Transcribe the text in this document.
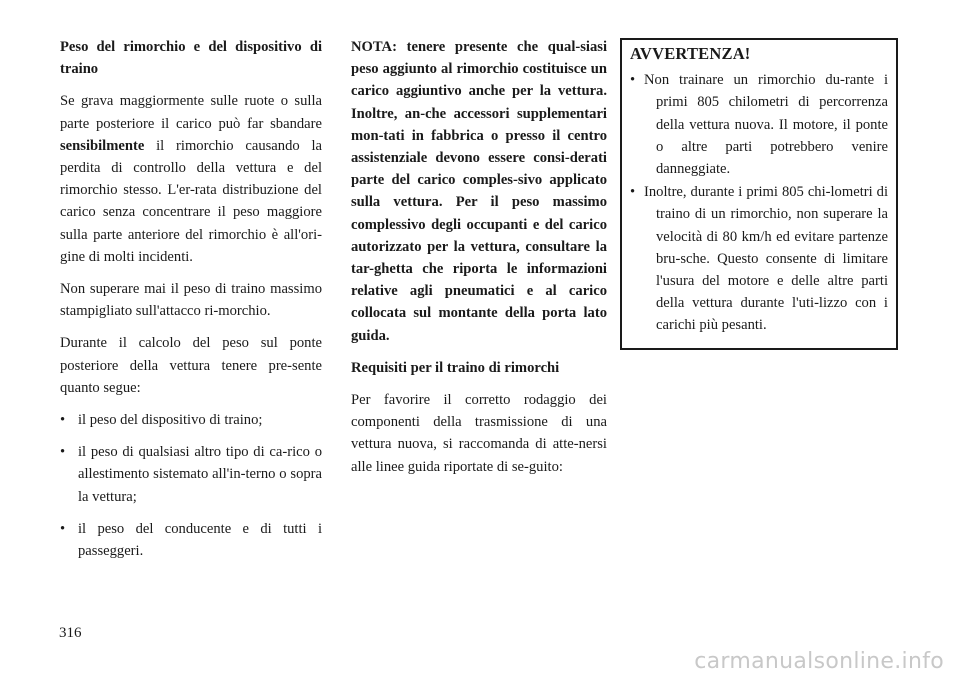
Peso del rimorchio e del dispositivo di traino

Se grava maggiormente sulle ruote o sulla parte posteriore il carico può far sbandare sensibilmente il rimorchio causando la perdita di controllo della vettura e del rimorchio stesso. L'er-rata distribuzione del carico senza concentrare il peso maggiore sulla parte anteriore del rimorchio è all'ori-gine di molti incidenti.

Non superare mai il peso di traino massimo stampigliato sull'attacco ri-morchio.

Durante il calcolo del peso sul ponte posteriore della vettura tenere pre-sente quanto segue:

• il peso del dispositivo di traino;
• il peso di qualsiasi altro tipo di ca-rico o allestimento sistemato all'in-terno o sopra la vettura;
• il peso del conducente e di tutti i passeggeri.

NOTA: tenere presente che qual-siasi peso aggiunto al rimorchio costituisce un carico aggiuntivo anche per la vettura. Inoltre, an-che accessori supplementari mon-tati in fabbrica o presso il centro assistenziale devono essere consi-derati parte del carico comples-sivo applicato sulla vettura. Per il peso massimo complessivo degli occupanti e del carico autorizzato per la vettura, consultare la tar-ghetta che riporta le informazioni relative agli pneumatici e al carico collocata sul montante della porta lato guida.

Requisiti per il traino di rimorchi

Per favorire il corretto rodaggio dei componenti della trasmissione di una vettura nuova, si raccomanda di atte-nersi alle linee guida riportate di se-guito:

AVVERTENZA!
• Non trainare un rimorchio du-rante i primi 805 chilometri di percorrenza della vettura nuova. Il motore, il ponte o altre parti potrebbero venire danneggiate.
• Inoltre, durante i primi 805 chi-lometri di traino di un rimorchio, non superare la velocità di 80 km/h ed evitare partenze bru-sche. Questo consente di limitare l'usura del motore e delle altre parti della vettura durante l'uti-lizzo con i carichi più pesanti.
316
carmanualsonline.info
